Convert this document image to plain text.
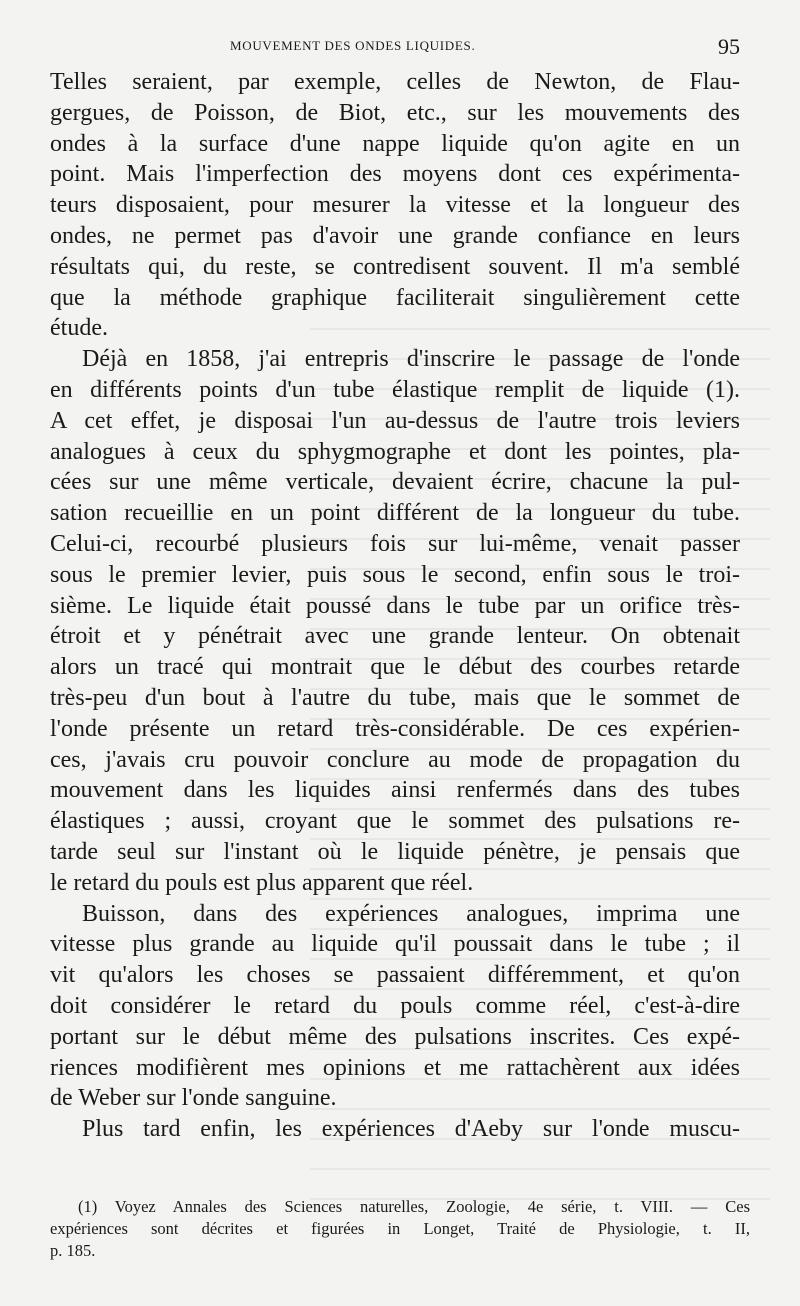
MOUVEMENT DES ONDES LIQUIDES.	95
Telles seraient, par exemple, celles de Newton, de Flau-
gergues, de Poisson, de Biot, etc., sur les mouvements des
ondes à la surface d'une nappe liquide qu'on agite en un
point. Mais l'imperfection des moyens dont ces expérimenta-
teurs disposaient, pour mesurer la vitesse et la longueur des
ondes, ne permet pas d'avoir une grande confiance en leurs
résultats qui, du reste, se contredisent souvent. Il m'a semblé
que la méthode graphique faciliterait singulièrement cette
étude.
Déjà en 1858, j'ai entrepris d'inscrire le passage de l'onde
en différents points d'un tube élastique remplit de liquide (1).
A cet effet, je disposai l'un au-dessus de l'autre trois leviers
analogues à ceux du sphygmographe et dont les pointes, pla-
cées sur une même verticale, devaient écrire, chacune la pul-
sation recueillie en un point différent de la longueur du tube.
Celui-ci, recourbé plusieurs fois sur lui-même, venait passer
sous le premier levier, puis sous le second, enfin sous le troi-
sième. Le liquide était poussé dans le tube par un orifice très-
étroit et y pénétrait avec une grande lenteur. On obtenait
alors un tracé qui montrait que le début des courbes retarde
très-peu d'un bout à l'autre du tube, mais que le sommet de
l'onde présente un retard très-considérable. De ces expérien-
ces, j'avais cru pouvoir conclure au mode de propagation du
mouvement dans les liquides ainsi renfermés dans des tubes
élastiques ; aussi, croyant que le sommet des pulsations re-
tarde seul sur l'instant où le liquide pénètre, je pensais que
le retard du pouls est plus apparent que réel.
Buisson, dans des expériences analogues, imprima une
vitesse plus grande au liquide qu'il poussait dans le tube ; il
vit qu'alors les choses se passaient différemment, et qu'on
doit considérer le retard du pouls comme réel, c'est-à-dire
portant sur le début même des pulsations inscrites. Ces expé-
riences modifièrent mes opinions et me rattachèrent aux idées
de Weber sur l'onde sanguine.
Plus tard enfin, les expériences d'Aeby sur l'onde muscu-
(1) Voyez Annales des Sciences naturelles, Zoologie, 4e série, t. VIII. — Ces
expériences sont décrites et figurées in Longet, Traité de Physiologie, t. II,
p. 185.
